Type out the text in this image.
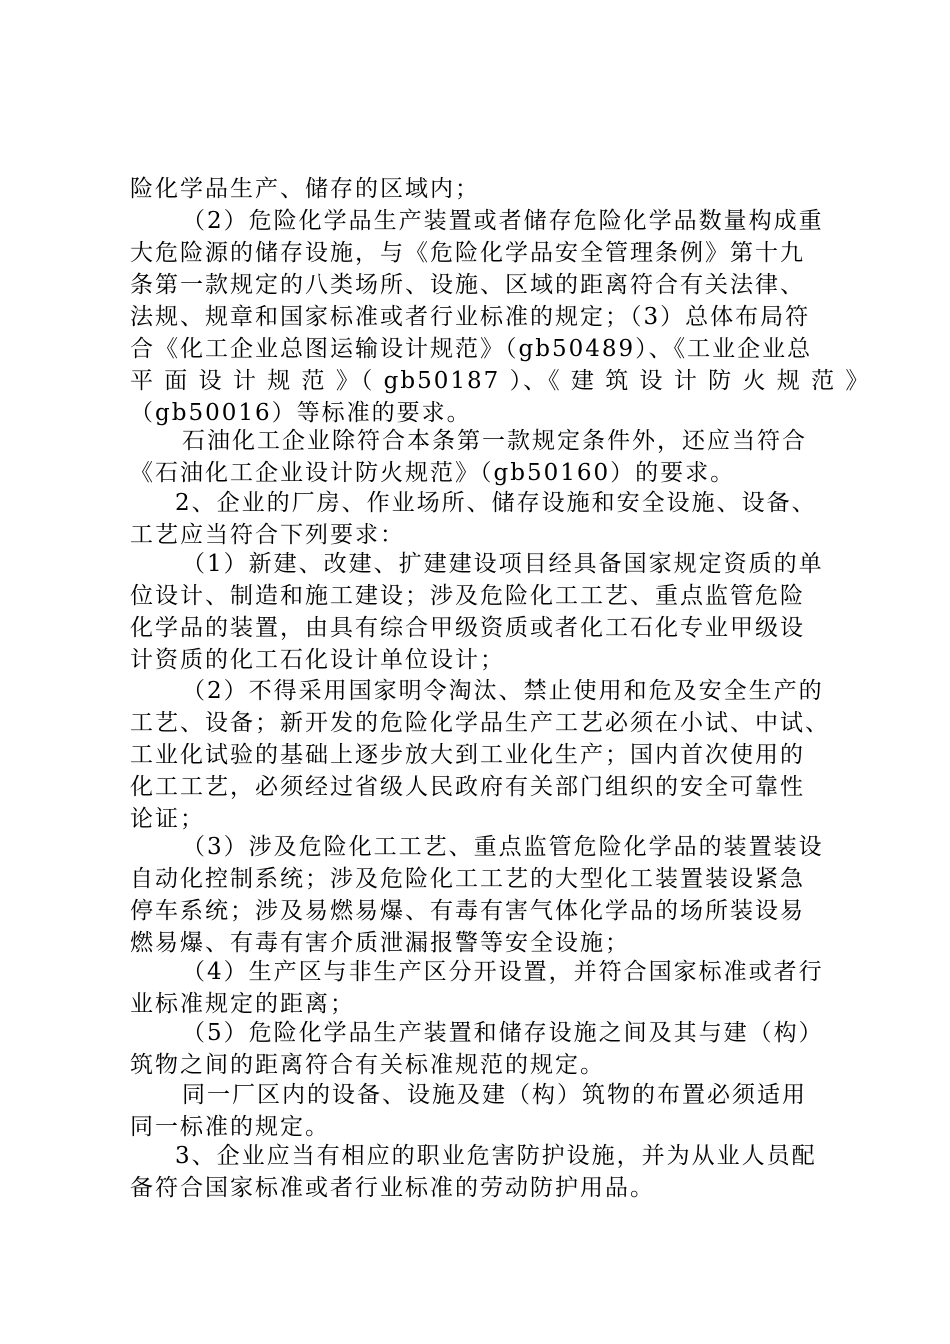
险化学品生产、储存的区域内；
（2）危险化学品生产装置或者储存危险化学品数量构成重
大危险源的储存设施，与《危险化学品安全管理条例》第十九
条第一款规定的八类场所、设施、区域的距离符合有关法律、
法规、规章和国家标准或者行业标准的规定；（3）总体布局符
合《化工企业总图运输设计规范》（gb50489）、《工业企业总
平 面 设 计 规 范 》（ gb50187 ）、《 建 筑 设 计 防 火 规 范 》
（gb50016）等标准的要求。
石油化工企业除符合本条第一款规定条件外，还应当符合
《石油化工企业设计防火规范》（gb50160）的要求。
2、企业的厂房、作业场所、储存设施和安全设施、设备、
工艺应当符合下列要求：
（1）新建、改建、扩建建设项目经具备国家规定资质的单
位设计、制造和施工建设；涉及危险化工工艺、重点监管危险
化学品的装置，由具有综合甲级资质或者化工石化专业甲级设
计资质的化工石化设计单位设计；
（2）不得采用国家明令淘汰、禁止使用和危及安全生产的
工艺、设备；新开发的危险化学品生产工艺必须在小试、中试、
工业化试验的基础上逐步放大到工业化生产；国内首次使用的
化工工艺，必须经过省级人民政府有关部门组织的安全可靠性
论证；
（3）涉及危险化工工艺、重点监管危险化学品的装置装设
自动化控制系统；涉及危险化工工艺的大型化工装置装设紧急
停车系统；涉及易燃易爆、有毒有害气体化学品的场所装设易
燃易爆、有毒有害介质泄漏报警等安全设施；
（4）生产区与非生产区分开设置，并符合国家标准或者行
业标准规定的距离；
（5）危险化学品生产装置和储存设施之间及其与建（构）
筑物之间的距离符合有关标准规范的规定。
同一厂区内的设备、设施及建（构）筑物的布置必须适用
同一标准的规定。
3、企业应当有相应的职业危害防护设施，并为从业人员配
备符合国家标准或者行业标准的劳动防护用品。
